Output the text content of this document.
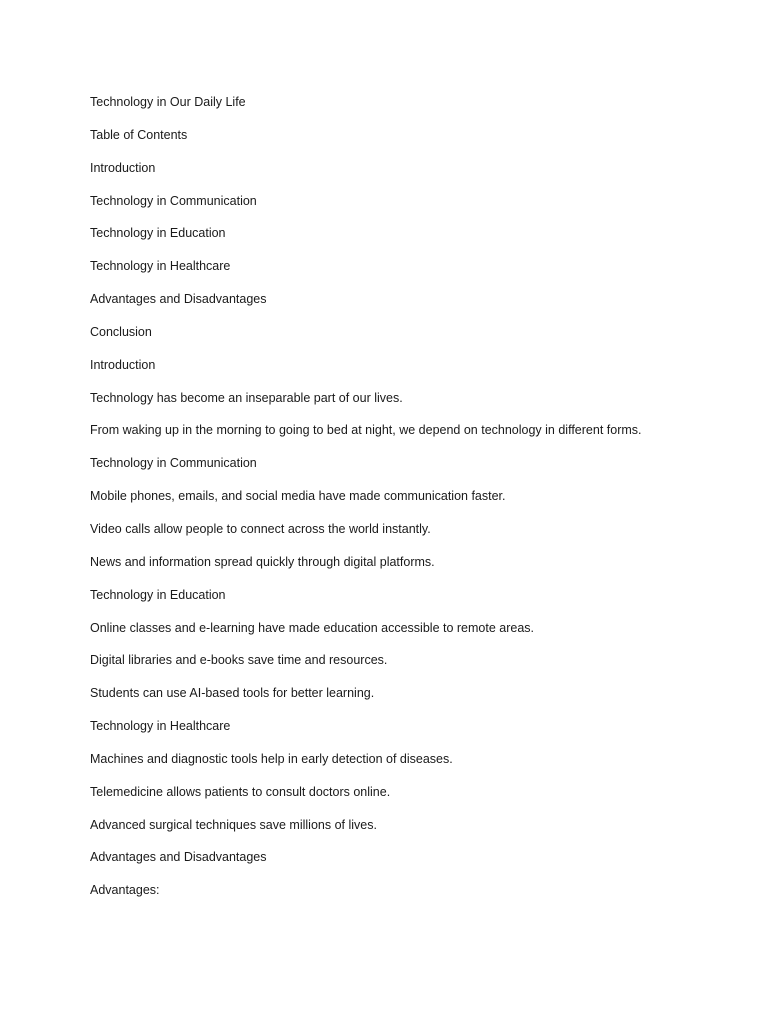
Technology in Our Daily Life
Table of Contents
Introduction
Technology in Communication
Technology in Education
Technology in Healthcare
Advantages and Disadvantages
Conclusion
Introduction
Technology has become an inseparable part of our lives.
From waking up in the morning to going to bed at night, we depend on technology in different forms.
Technology in Communication
Mobile phones, emails, and social media have made communication faster.
Video calls allow people to connect across the world instantly.
News and information spread quickly through digital platforms.
Technology in Education
Online classes and e-learning have made education accessible to remote areas.
Digital libraries and e-books save time and resources.
Students can use AI-based tools for better learning.
Technology in Healthcare
Machines and diagnostic tools help in early detection of diseases.
Telemedicine allows patients to consult doctors online.
Advanced surgical techniques save millions of lives.
Advantages and Disadvantages
Advantages:
